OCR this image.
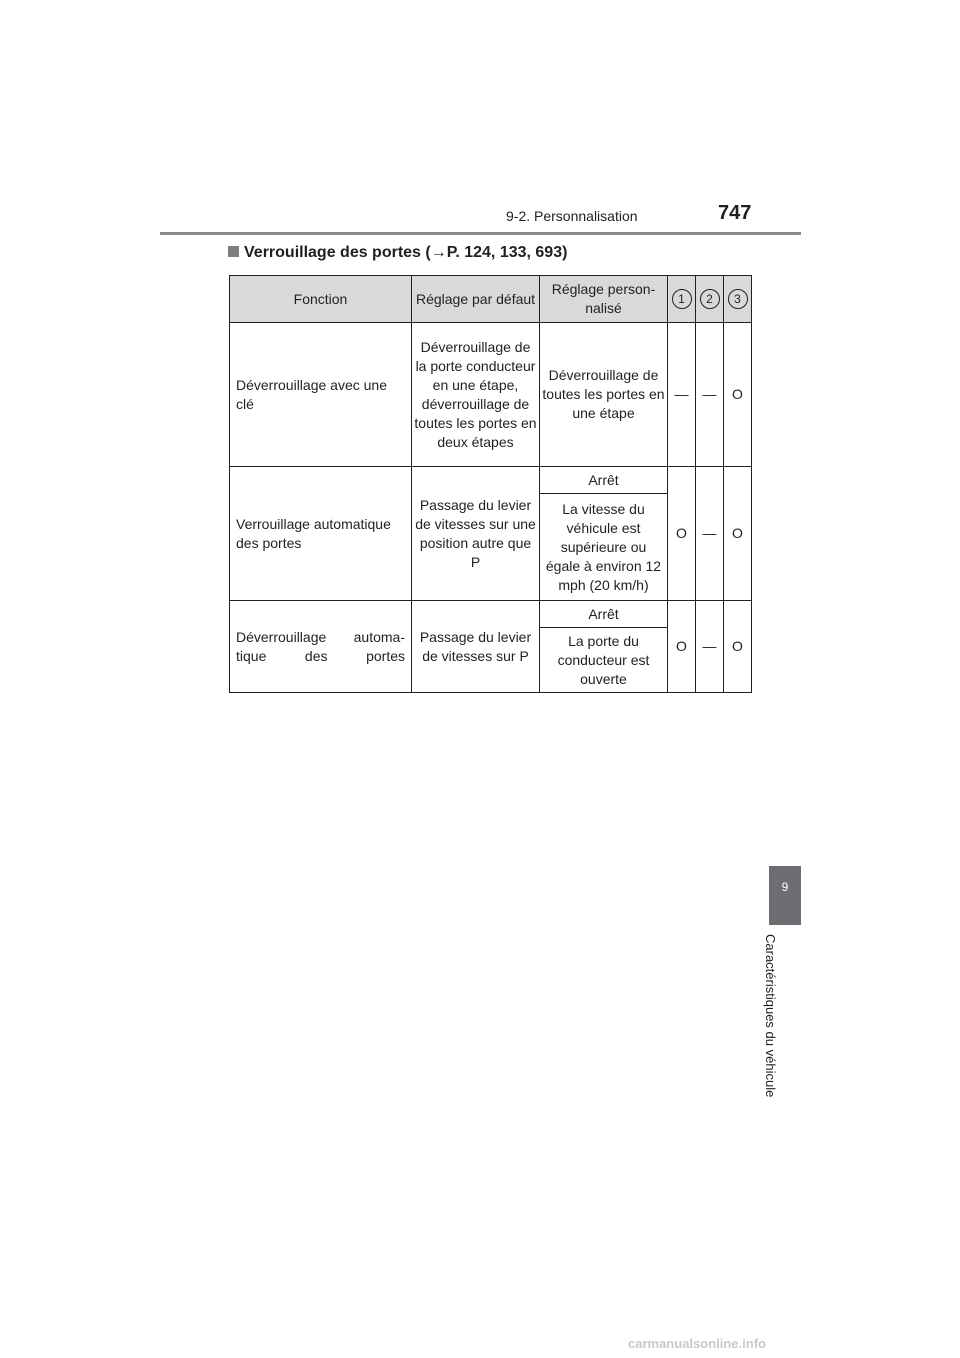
9-2. Personnalisation	747
Verrouillage des portes (→P. 124, 133, 693)
Fonction	Réglage par défaut	Réglage person-nalisé	1	2	3
Déverrouillage avec une clé	Déverrouillage de la porte conducteur en une étape, déverrouillage de toutes les portes en deux étapes	Déverrouillage de toutes les portes en une étape	—	—	O
Verrouillage automatique des portes	Passage du levier de vitesses sur une position autre que P	Arrêt	O	—	O
		La vitesse du véhicule est supérieure ou égale à environ 12 mph (20 km/h)			

Déverrouillage automa-tique des portes	Passage du levier de vitesses sur P	Arrêt	O	—	O
		La porte du conducteur est ouverte			
9
Caractéristiques du véhicule
carmanualsonline.info
